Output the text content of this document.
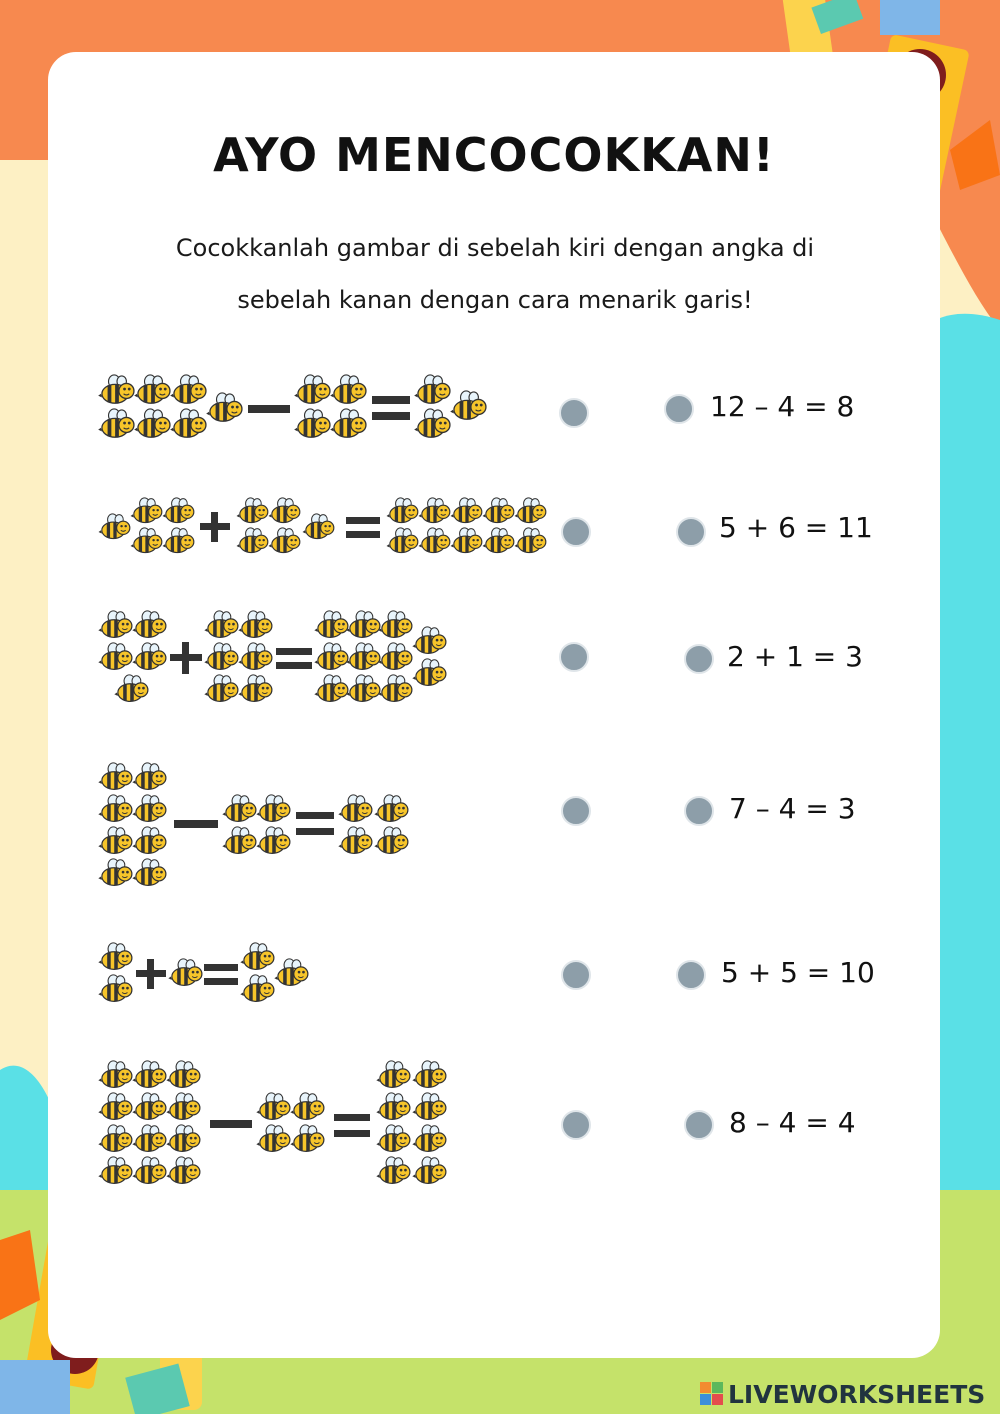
AYO MENCOCOKKAN!
Cocokkanlah gambar di sebelah kiri dengan angka di
sebelah kanan dengan cara menarik garis!
12 – 4 = 8
5 + 6 = 11
2 + 1 = 3
7 – 4 = 3
5 + 5 = 10
8 – 4 = 4
LIVEWORKSHEETS
